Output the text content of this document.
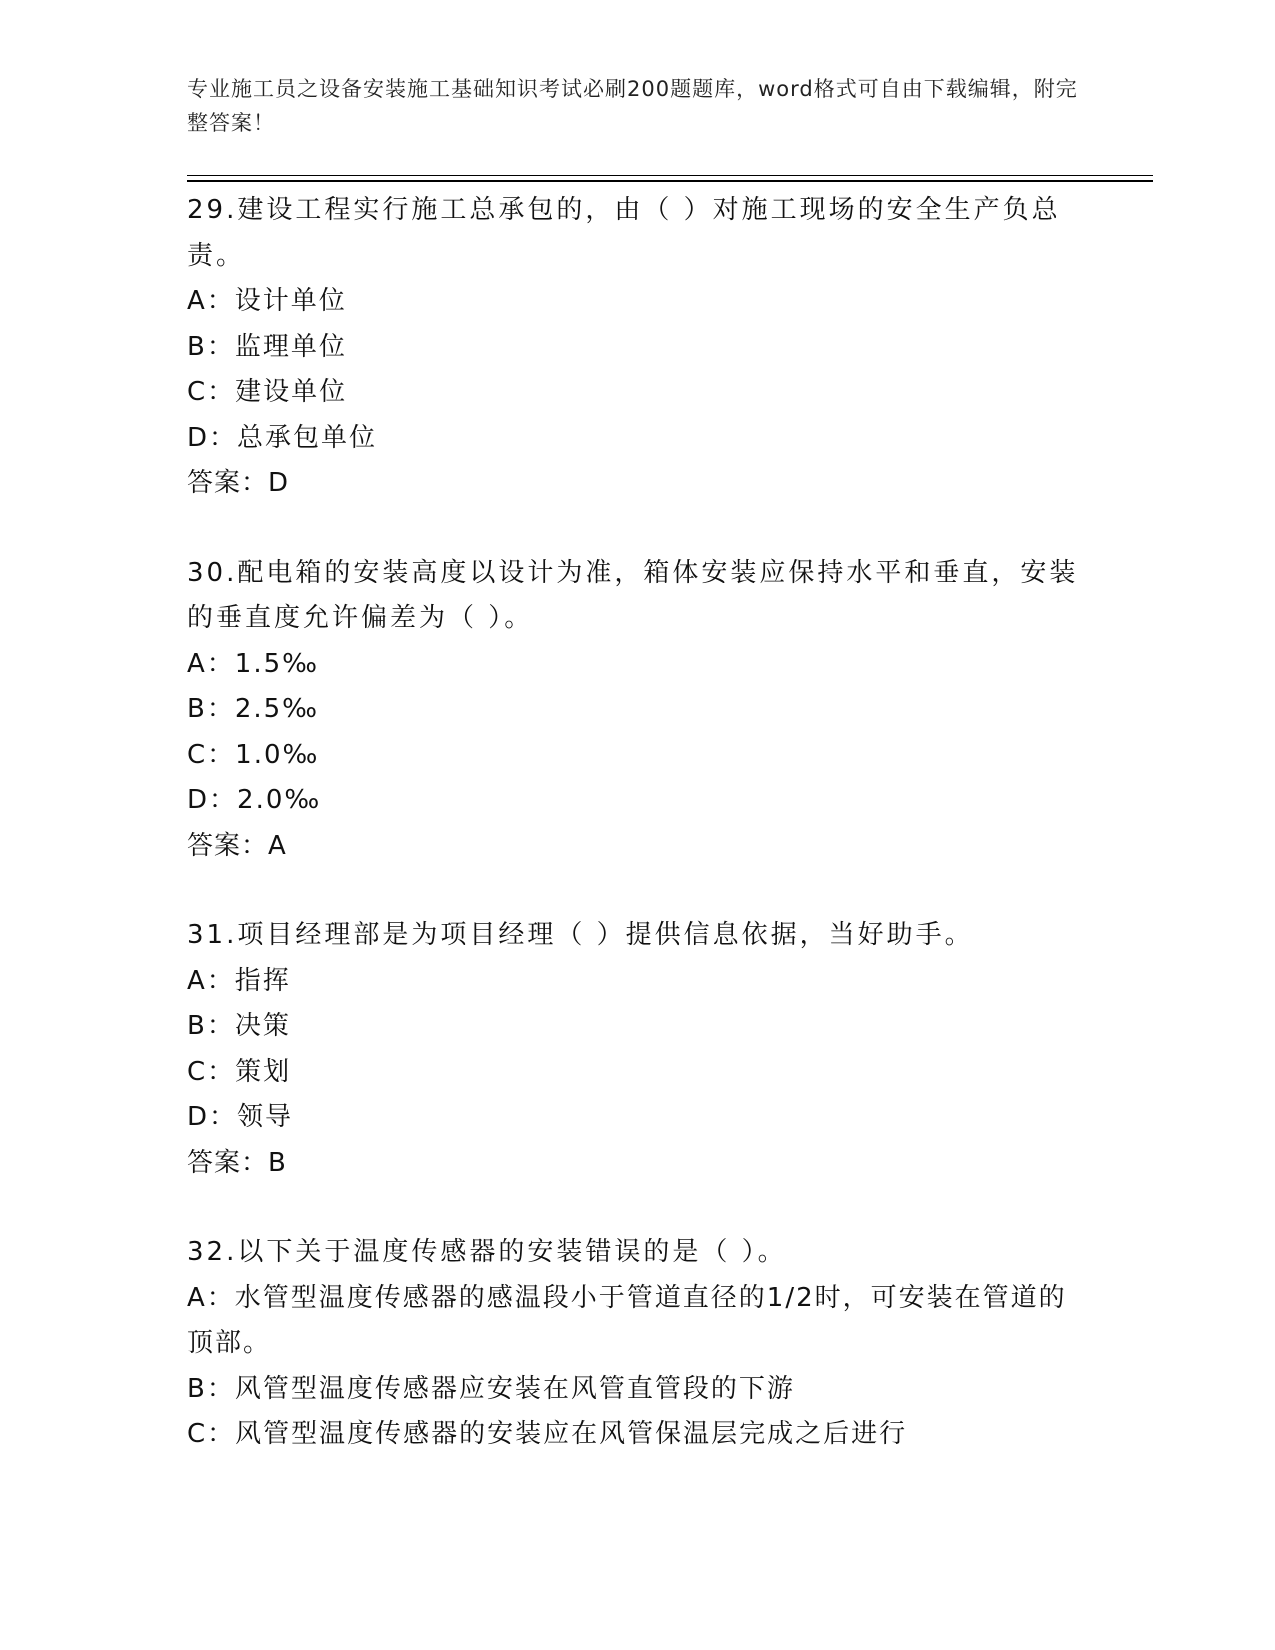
专业施工员之设备安装施工基础知识考试必刷200题题库，word格式可自由下载编辑，附完整答案！
29.建设工程实行施工总承包的，由（ ）对施工现场的安全生产负总责。
A：设计单位
B：监理单位
C：建设单位
D：总承包单位
答案：D
30.配电箱的安装高度以设计为准，箱体安装应保持水平和垂直，安装的垂直度允许偏差为（ ）。
A：1.5‰
B：2.5‰
C：1.0‰
D：2.0‰
答案：A
31.项目经理部是为项目经理（ ）提供信息依据，当好助手。
A：指挥
B：决策
C：策划
D：领导
答案：B
32.以下关于温度传感器的安装错误的是（ ）。
A：水管型温度传感器的感温段小于管道直径的1/2时，可安装在管道的顶部。
B：风管型温度传感器应安装在风管直管段的下游
C：风管型温度传感器的安装应在风管保温层完成之后进行
